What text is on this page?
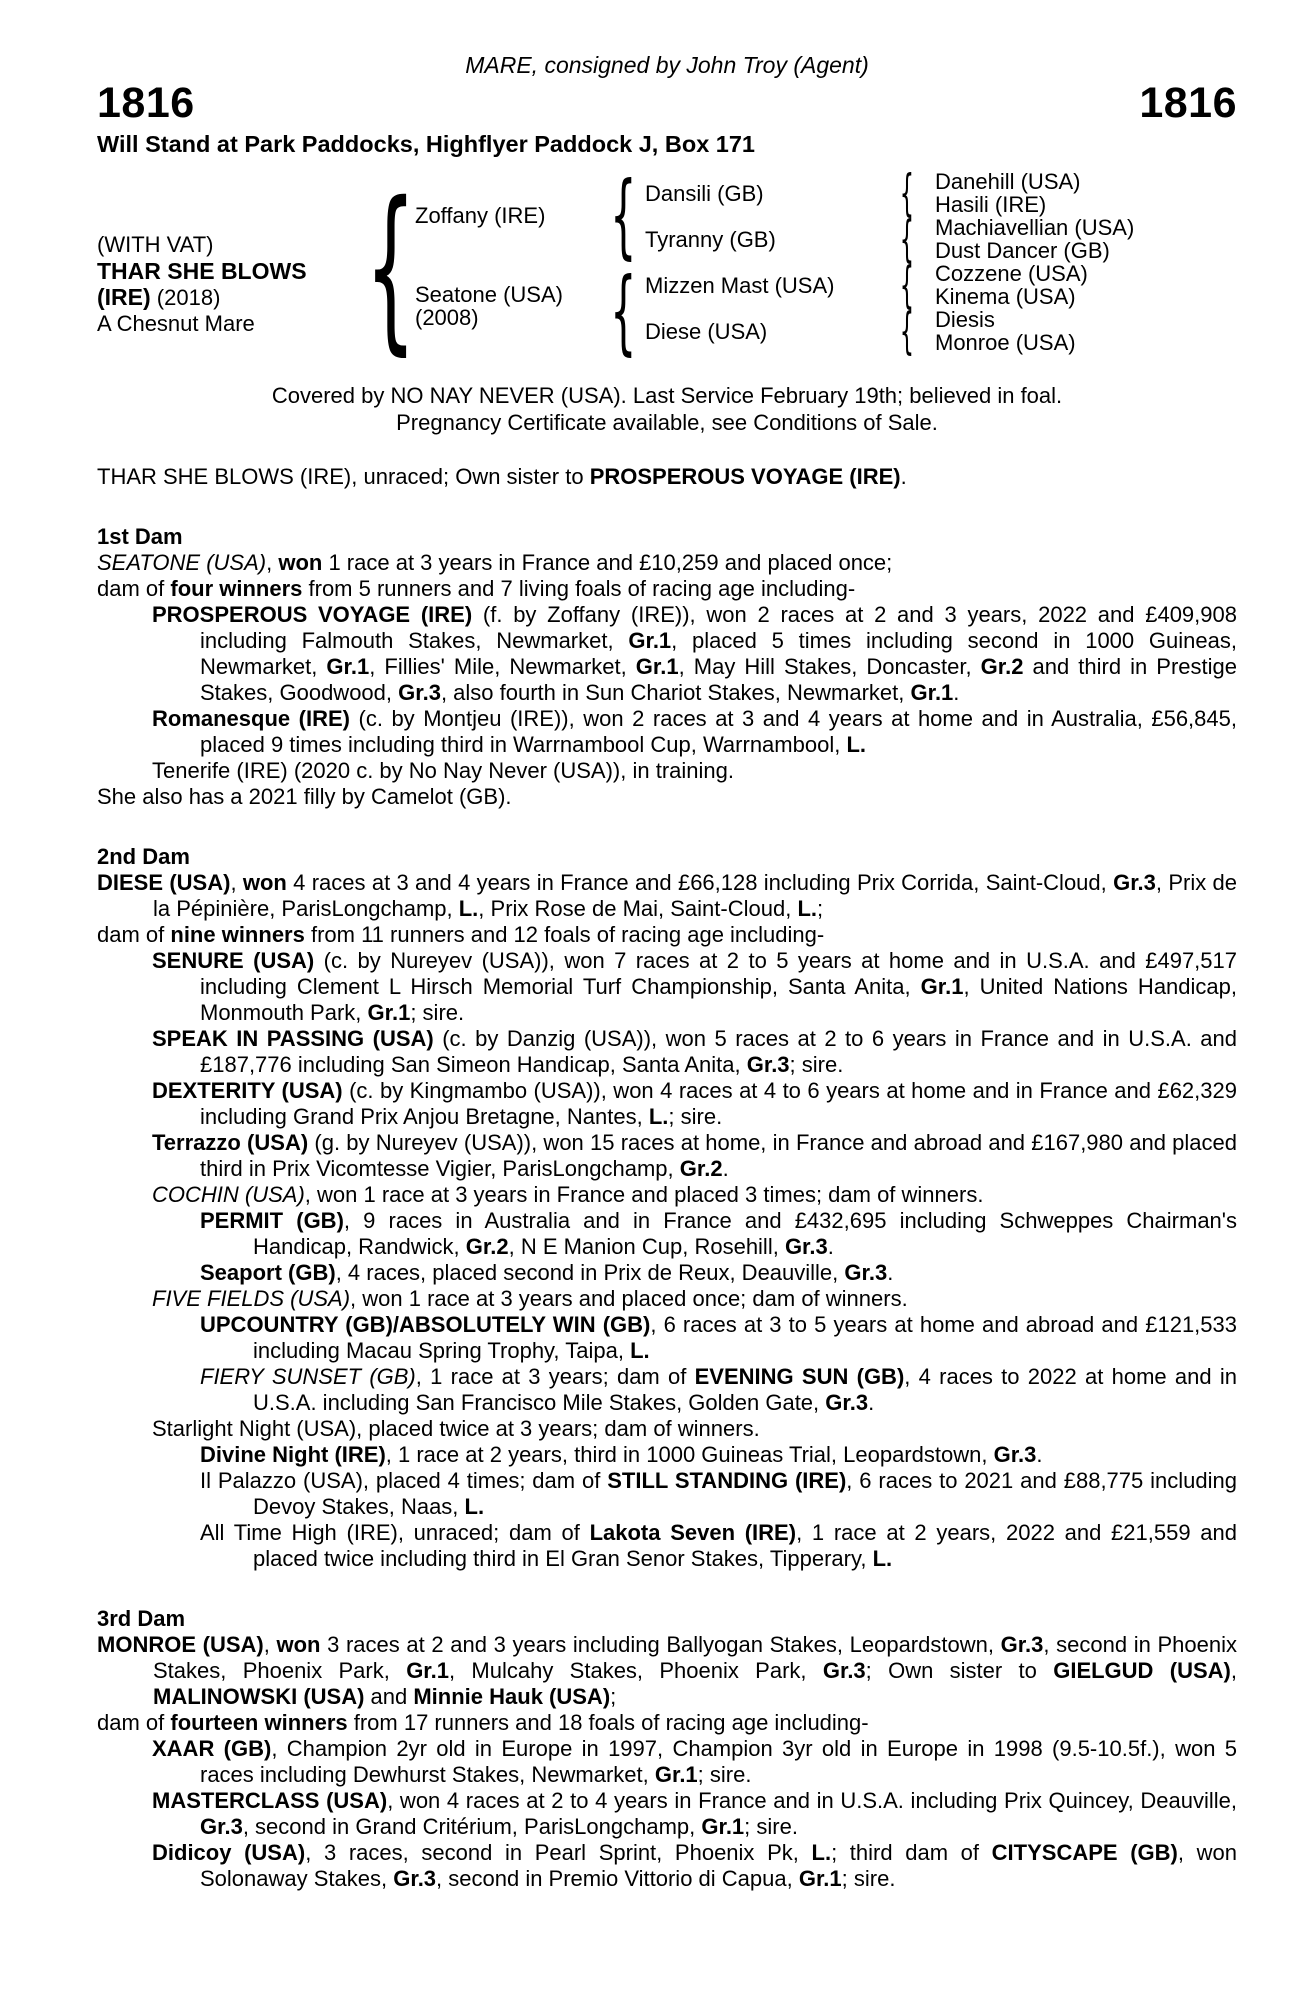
MARE, consigned by John Troy (Agent)
1816	1816
Will Stand at Park Paddocks, Highflyer Paddock J, Box 171
(WITH VAT)
THAR SHE BLOWS
(IRE) (2018)
A Chesnut Mare {
Zoffany (IRE)
Seatone (USA)
(2008)
{
{
Dansili (GB)
Tyranny (GB)
Mizzen Mast (USA)
Diese (USA)
{
{
{
{
Danehill (USA)
Hasili (IRE)
Machiavellian (USA)
Dust Dancer (GB)
Cozzene (USA)
Kinema (USA)
Diesis
Monroe (USA)
Covered by NO NAY NEVER (USA). Last Service February 19th; believed in foal.
Pregnancy Certificate available, see Conditions of Sale.
THAR SHE BLOWS (IRE), unraced; Own sister to PROSPEROUS VOYAGE (IRE).
1st Dam
SEATONE (USA), won 1 race at 3 years in France and £10,259 and placed once;
dam of four winners from 5 runners and 7 living foals of racing age including-
PROSPEROUS VOYAGE (IRE) (f. by Zoffany (IRE)), won 2 races at 2 and 3 years, 2022 and £409,908 including Falmouth Stakes, Newmarket, Gr.1, placed 5 times including second in 1000 Guineas, Newmarket, Gr.1, Fillies' Mile, Newmarket, Gr.1, May Hill Stakes, Doncaster, Gr.2 and third in Prestige Stakes, Goodwood, Gr.3, also fourth in Sun Chariot Stakes, Newmarket, Gr.1.
Romanesque (IRE) (c. by Montjeu (IRE)), won 2 races at 3 and 4 years at home and in Australia, £56,845, placed 9 times including third in Warrnambool Cup, Warrnambool, L.
Tenerife (IRE) (2020 c. by No Nay Never (USA)), in training.
She also has a 2021 filly by Camelot (GB).
2nd Dam
DIESE (USA), won 4 races at 3 and 4 years in France and £66,128 including Prix Corrida, Saint-Cloud, Gr.3, Prix de la Pépinière, ParisLongchamp, L., Prix Rose de Mai, Saint-Cloud, L.;
dam of nine winners from 11 runners and 12 foals of racing age including-
SENURE (USA) (c. by Nureyev (USA)), won 7 races at 2 to 5 years at home and in U.S.A. and £497,517 including Clement L Hirsch Memorial Turf Championship, Santa Anita, Gr.1, United Nations Handicap, Monmouth Park, Gr.1; sire.
SPEAK IN PASSING (USA) (c. by Danzig (USA)), won 5 races at 2 to 6 years in France and in U.S.A. and £187,776 including San Simeon Handicap, Santa Anita, Gr.3; sire.
DEXTERITY (USA) (c. by Kingmambo (USA)), won 4 races at 4 to 6 years at home and in France and £62,329 including Grand Prix Anjou Bretagne, Nantes, L.; sire.
Terrazzo (USA) (g. by Nureyev (USA)), won 15 races at home, in France and abroad and £167,980 and placed third in Prix Vicomtesse Vigier, ParisLongchamp, Gr.2.
COCHIN (USA), won 1 race at 3 years in France and placed 3 times; dam of winners.
PERMIT (GB), 9 races in Australia and in France and £432,695 including Schweppes Chairman's Handicap, Randwick, Gr.2, N E Manion Cup, Rosehill, Gr.3.
Seaport (GB), 4 races, placed second in Prix de Reux, Deauville, Gr.3.
FIVE FIELDS (USA), won 1 race at 3 years and placed once; dam of winners.
UPCOUNTRY (GB)/ABSOLUTELY WIN (GB), 6 races at 3 to 5 years at home and abroad and £121,533 including Macau Spring Trophy, Taipa, L.
FIERY SUNSET (GB), 1 race at 3 years; dam of EVENING SUN (GB), 4 races to 2022 at home and in U.S.A. including San Francisco Mile Stakes, Golden Gate, Gr.3.
Starlight Night (USA), placed twice at 3 years; dam of winners.
Divine Night (IRE), 1 race at 2 years, third in 1000 Guineas Trial, Leopardstown, Gr.3.
Il Palazzo (USA), placed 4 times; dam of STILL STANDING (IRE), 6 races to 2021 and £88,775 including Devoy Stakes, Naas, L.
All Time High (IRE), unraced; dam of Lakota Seven (IRE), 1 race at 2 years, 2022 and £21,559 and placed twice including third in El Gran Senor Stakes, Tipperary, L.
3rd Dam
MONROE (USA), won 3 races at 2 and 3 years including Ballyogan Stakes, Leopardstown, Gr.3, second in Phoenix Stakes, Phoenix Park, Gr.1, Mulcahy Stakes, Phoenix Park, Gr.3; Own sister to GIELGUD (USA), MALINOWSKI (USA) and Minnie Hauk (USA);
dam of fourteen winners from 17 runners and 18 foals of racing age including-
XAAR (GB), Champion 2yr old in Europe in 1997, Champion 3yr old in Europe in 1998 (9.5-10.5f.), won 5 races including Dewhurst Stakes, Newmarket, Gr.1; sire.
MASTERCLASS (USA), won 4 races at 2 to 4 years in France and in U.S.A. including Prix Quincey, Deauville, Gr.3, second in Grand Critérium, ParisLongchamp, Gr.1; sire.
Didicoy (USA), 3 races, second in Pearl Sprint, Phoenix Pk, L.; third dam of CITYSCAPE (GB), won Solonaway Stakes, Gr.3, second in Premio Vittorio di Capua, Gr.1; sire.
